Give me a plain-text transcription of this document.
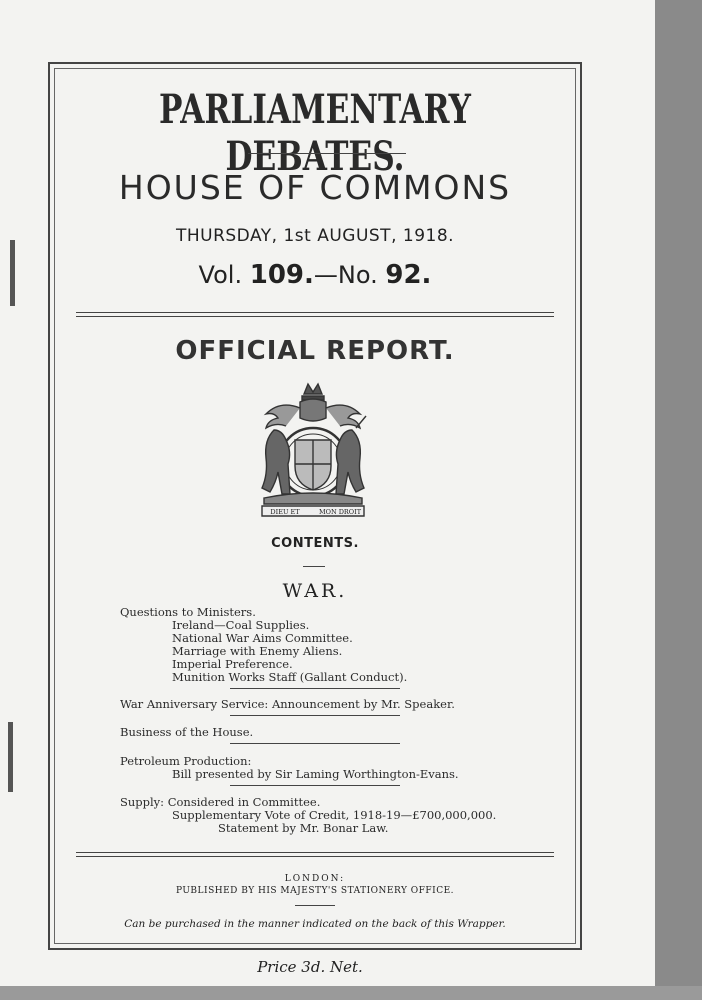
PARLIAMENTARY DEBATES.
HOUSE OF COMMONS
THURSDAY, 1st AUGUST, 1918.
Vol. 109.—No. 92.
OFFICIAL REPORT.
DIEU ET	MON DROIT
CONTENTS.
WAR.
Questions to Ministers.
Ireland—Coal Supplies.
National War Aims Committee.
Marriage with Enemy Aliens.
Imperial Preference.
Munition Works Staff (Gallant Conduct).
War Anniversary Service: Announcement by Mr. Speaker.
Business of the House.
Petroleum Production:
Bill presented by Sir Laming Worthington-Evans.
Supply: Considered in Committee.
Supplementary Vote of Credit, 1918-19—£700,000,000.
Statement by Mr. Bonar Law.
LONDON:
PUBLISHED BY HIS MAJESTY'S STATIONERY OFFICE.
Can be purchased in the manner indicated on the back of this Wrapper.
Price 3d. Net.
